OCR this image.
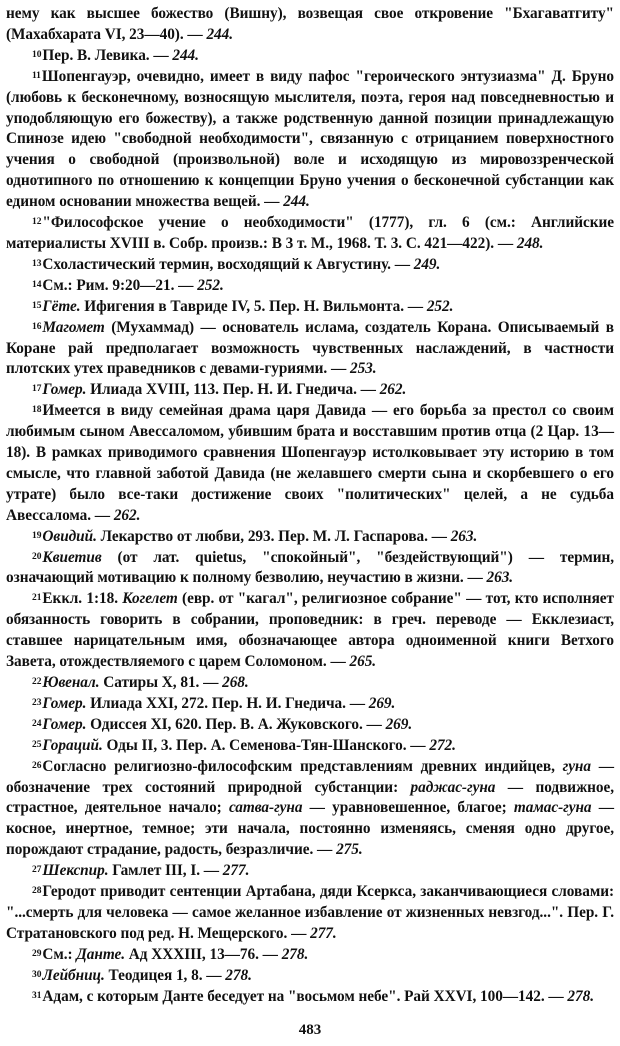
нему как высшее божество (Вишну), возвещая свое откровение "Бхагаватгиту" (Махабхарата VI, 23—40). — 244.

10Пер. В. Левика. — 244.

11Шопенгауэр, очевидно, имеет в виду пафос "героического энтузиазма" Д. Бруно (любовь к бесконечному, возносящую мыслителя, поэта, героя над повседневностью и уподобляющую его божеству), а также родственную данной позиции принадлежащую Спинозе идею "свободной необходимости", связанную с отрицанием поверхностного учения о свободной (произвольной) воле и исходящую из мировоззренческой однотипного по отношению к концепции Бруно учения о бесконечной субстанции как едином основании множества вещей. — 244.

12"Философское учение о необходимости" (1777), гл. 6 (см.: Английские материалисты XVIII в. Собр. произв.: В 3 т. М., 1968. Т. 3. С. 421—422). — 248.

13Схоластический термин, восходящий к Августину. — 249.

14См.: Рим. 9:20—21. — 252.

15Гёте. Ифигения в Тавриде IV, 5. Пер. Н. Вильмонта. — 252.

16Магомет (Мухаммад) — основатель ислама, создатель Корана. Описываемый в Коране рай предполагает возможность чувственных наслаждений, в частности плотских утех праведников с девами-гуриями. — 253.

17Гомер. Илиада XVIII, 113. Пер. Н. И. Гнедича. — 262.

18Имеется в виду семейная драма царя Давида — его борьба за престол со своим любимым сыном Авессаломом, убившим брата и восставшим против отца (2 Цар. 13—18). В рамках приводимого сравнения Шопенгауэр истолковывает эту историю в том смысле, что главной заботой Давида (не желавшего смерти сына и скорбевшего о его утрате) было все-таки достижение своих "политических" целей, а не судьба Авессалома. — 262.

19Овидий. Лекарство от любви, 293. Пер. М. Л. Гаспарова. — 263.

20Квиетив (от лат. quietus, "спокойный", "бездействующий") — термин, означающий мотивацию к полному безволию, неучастию в жизни. — 263.

21Екκл. 1:18. Когелет (евр. от "кагал", религиозное собрание" — тот, кто исполняет обязанность говорить в собрании, проповедник: в греч. переводе — Екклезиаст, ставшее нарицательным имя, обозначающее автора одноименной книги Ветхого Завета, отождествляемого с царем Соломоном. — 265.

22Ювенал. Сатиры X, 81. — 268.

23Гомер. Илиада XXI, 272. Пер. Н. И. Гнедича. — 269.

24Гомер. Одиссея XI, 620. Пер. В. А. Жуковского. — 269.

25Гораций. Оды II, 3. Пер. А. Семенова-Тян-Шанского. — 272.

26Согласно религиозно-философским представлениям древних индийцев, гуна — обозначение трех состояний природной субстанции: раджас-гуна — подвижное, страстное, деятельное начало; сатва-гуна — уравновешенное, благое; тамас-гуна — косное, инертное, темное; эти начала, постоянно изменяясь, сменяя одно другое, порождают страдание, радость, безразличие. — 275.

27Шекспир. Гамлет III, I. — 277.

28Геродот приводит сентенции Артабана, дяди Ксеркса, заканчивающиеся словами: "...смерть для человека — самое желанное избавление от жизненных невзгод...". Пер. Г. Стратановского под ред. Н. Мещерского. — 277.

29См.: Данте. Ад XXXIII, 13—76. — 278.

30Лейбниц. Теодицея 1, 8. — 278.

31Адам, с которым Данте беседует на "восьмом небе". Рай XXVI, 100—142. — 278.

483
